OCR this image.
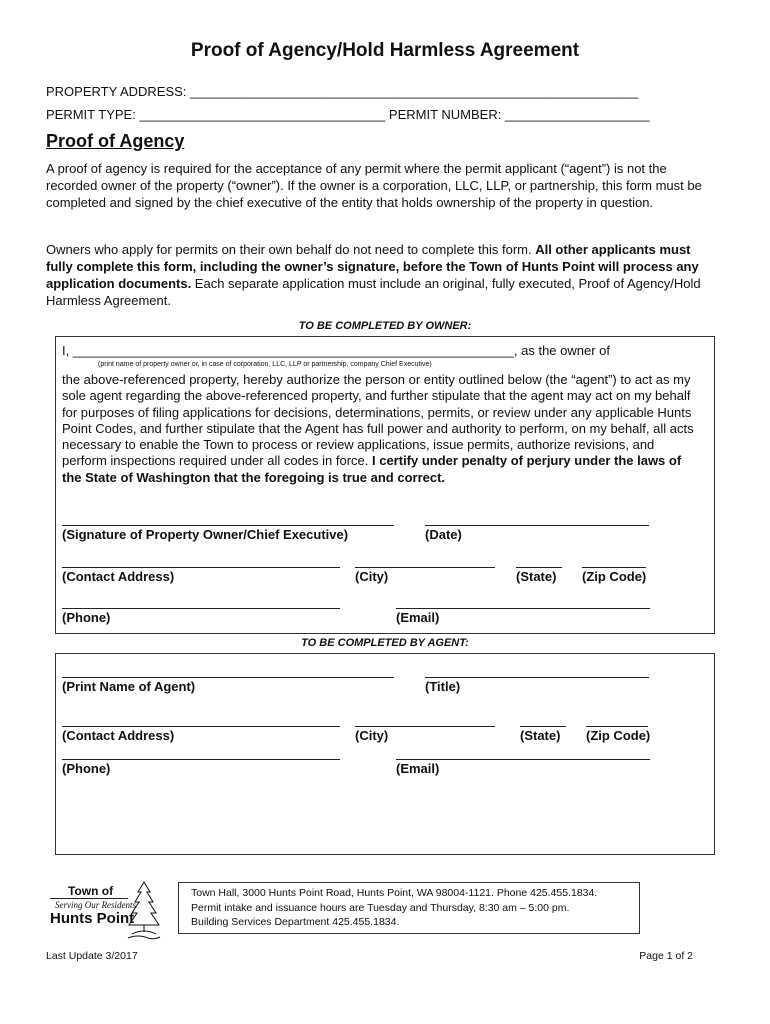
Proof of Agency/Hold Harmless Agreement
PROPERTY ADDRESS: ______________________________________________________________
PERMIT TYPE: __________________________________ PERMIT NUMBER: ____________________
Proof of Agency
A proof of agency is required for the acceptance of any permit where the permit applicant (“agent”) is not the recorded owner of the property (“owner”). If the owner is a corporation, LLC, LLP, or partnership, this form must be completed and signed by the chief executive of the entity that holds ownership of the property in question.
Owners who apply for permits on their own behalf do not need to complete this form. All other applicants must fully complete this form, including the owner’s signature, before the Town of Hunts Point will process any application documents. Each separate application must include an original, fully executed, Proof of Agency/Hold Harmless Agreement.
TO BE COMPLETED BY OWNER:
I, _____________________________________________________________, as the owner of
(print name of property owner or, in case of corporation, LLC, LLP or partnership, company Chief Executive)
the above-referenced property, hereby authorize the person or entity outlined below (the “agent”) to act as my sole agent regarding the above-referenced property, and further stipulate that the agent may act on my behalf for purposes of filing applications for decisions, determinations, permits, or review under any applicable Hunts Point Codes, and further stipulate that the Agent has full power and authority to perform, on my behalf, all acts necessary to enable the Town to process or review applications, issue permits, authorize revisions, and perform inspections required under all codes in force. I certify under penalty of perjury under the laws of the State of Washington that the foregoing is true and correct.
(Signature of Property Owner/Chief Executive)	(Date)
(Contact Address)	(City)	(State) (Zip Code)
(Phone)	(Email)
TO BE COMPLETED BY AGENT:
(Print Name of Agent)	(Title)
(Contact Address)	(City)	(State) (Zip Code)
(Phone)	(Email)
Town of
Serving Our Residents
Hunts Point
Town Hall, 3000 Hunts Point Road, Hunts Point, WA 98004-1121. Phone 425.455.1834.
Permit intake and issuance hours are Tuesday and Thursday, 8:30 am – 5:00 pm.
Building Services Department 425.455.1834.
Last Update 3/2017	Page 1 of 2
